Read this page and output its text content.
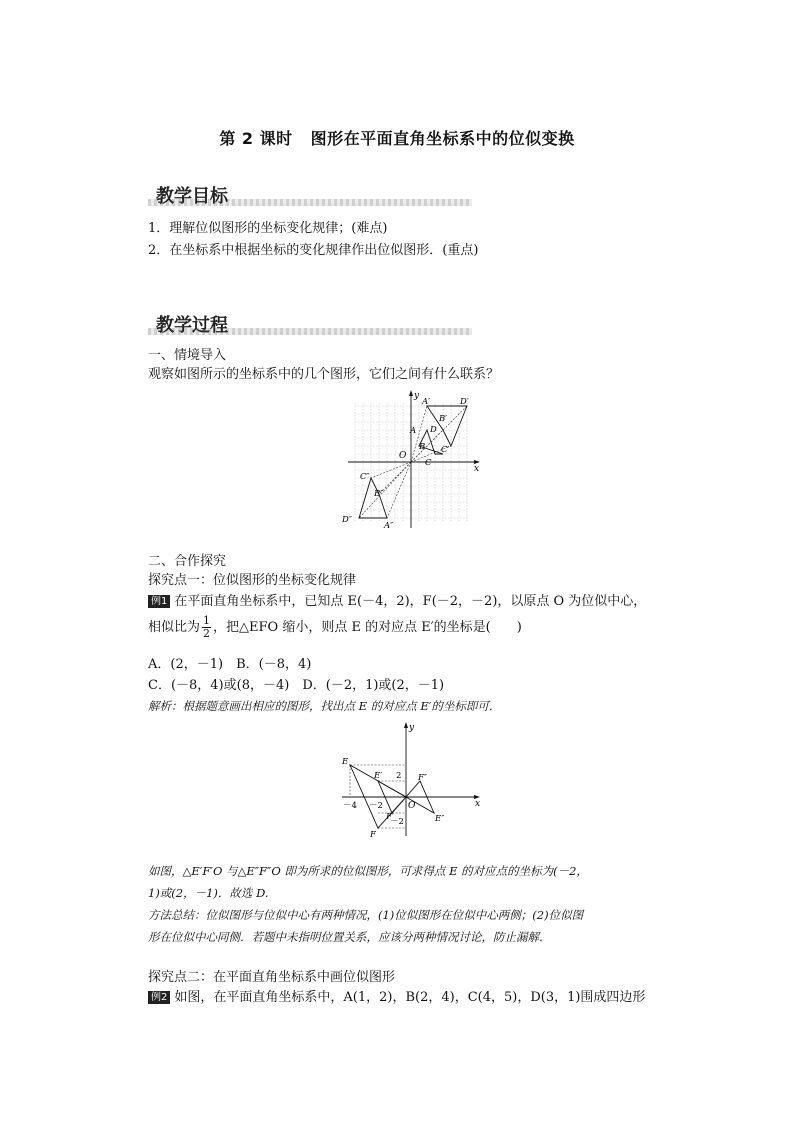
第 2 课时 图形在平面直角坐标系中的位似变换
教学目标
1．理解位似图形的坐标变化规律；(难点)
2．在坐标系中根据坐标的变化规律作出位似图形．(重点)
教学过程
一、情境导入
观察如图所示的坐标系中的几个图形，它们之间有什么联系？
x
y
O
A
B
C
D
A′
B′
C′
D′
A″
B″
C″
D″
二、合作探究
探究点一：位似图形的坐标变化规律
例1 在平面直角坐标系中，已知点 E(－4，2)，F(－2，－2)，以原点 O 为位似中心，
相似比为 $\frac{1}{2}$ ，把△EFO 缩小，则点 E 的对应点 E′的坐标是(　　)
A．(2，－1)　B．(－8，4)
C．(－8，4)或(8，－4)　D．(－2，1)或(2，－1)
解析：根据题意画出相应的图形，找出点 E 的对应点 E′的坐标即可．
x
y
O
－4 －2
2
－2
E
E′
E″
F
F′
F″
如图，△E′F′O 与△E″F″O 即为所求的位似图形，可求得点 E 的对应点的坐标为(－2，
1)或(2，－1)．故选 D.
方法总结：位似图形与位似中心有两种情况，(1)位似图形在位似中心两侧；(2)位似图
形在位似中心同侧．若题中未指明位置关系，应该分两种情况讨论，防止漏解．
探究点二：在平面直角坐标系中画位似图形
例2 如图，在平面直角坐标系中，A(1，2)，B(2，4)，C(4，5)，D(3，1)围成四边形
